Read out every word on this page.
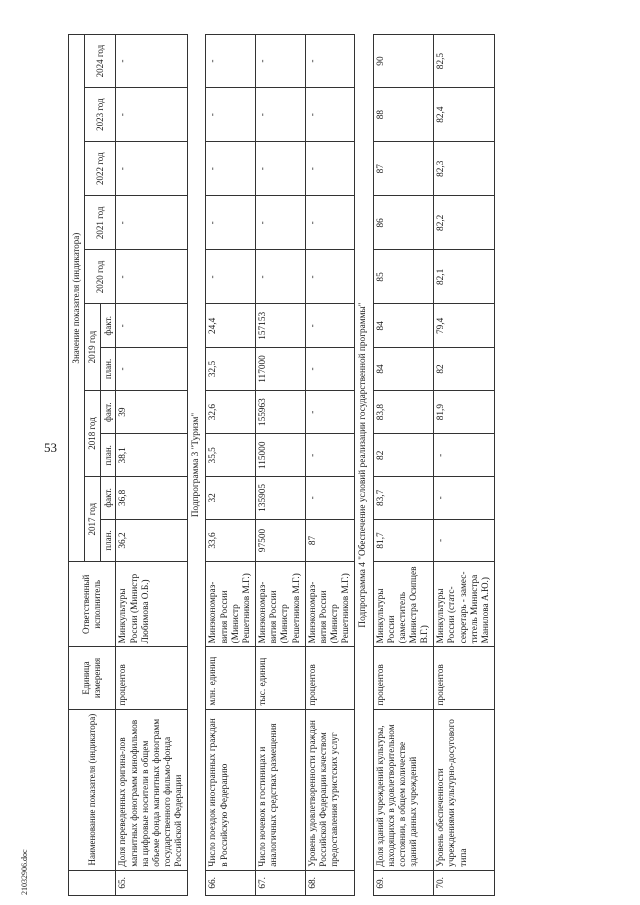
53
21032906.doc
	Наименование показателя (индикатора)	Единица измерения	Ответственный исполнитель	Значение показателя (индикатора)										
				2017 год		2018 год		2019 год		2020 год	2021 год	2022 год	2023 год	2024 год
				план.	факт.	план.	факт.	план.	факт.					
65.	Доля переведенных оригина-лов магнитных фонограмм кинофильмов на цифровые носители в общем объеме фонда магнитных фонограмм государственного фильмо-фонда Российской Федерации	процентов	Минкультуры России (Министр Любимова О.Б.)	36,2	36,8	38,1	39	-	-	-	-	-	-	-
Подпрограмма 3 "Туризм"														
66.	Число поездок иностранных граждан в Российскую Федерацию	млн. единиц	Минэкономраз-вития России (Министр Решетников М.Г.)	33,6	32	35,5	32,6	32,5	24,4	-	-	-	-	-
67.	Число ночевок в гостиницах и аналогичных средствах размещения	тыс. единиц	Минэкономраз-вития России (Министр Решетников М.Г.)	97500	135905	115000	155963	117000	157153	-	-	-	-	-
68.	Уровень удовлетворенности граждан Российской Федерации качеством предоставления туристских услуг	процентов	Минэкономраз-вития России (Министр Решетников М.Г.)	87	-	-	-	-	-	-	-	-	-	-
Подпрограмма 4 "Обеспечение условий реализации государственной программы"														
69.	Доля зданий учреждений культуры, находящихся в удовлетворительном состоянии, в общем количестве зданий данных учреждений	процентов	Минкультуры России (заместитель Министра Осипцев В.Г.)	81,7	83,7	82	83,8	84	84	85	86	87	88	90
70.	Уровень обеспеченности учреждениями культурно-досугового типа	процентов	Минкультуры России (статс-секретарь - замес-титель Министра Манилова А.Ю.)	-	-	-	81,9	82	79,4	82,1	82,2	82,3	82,4	82,5
